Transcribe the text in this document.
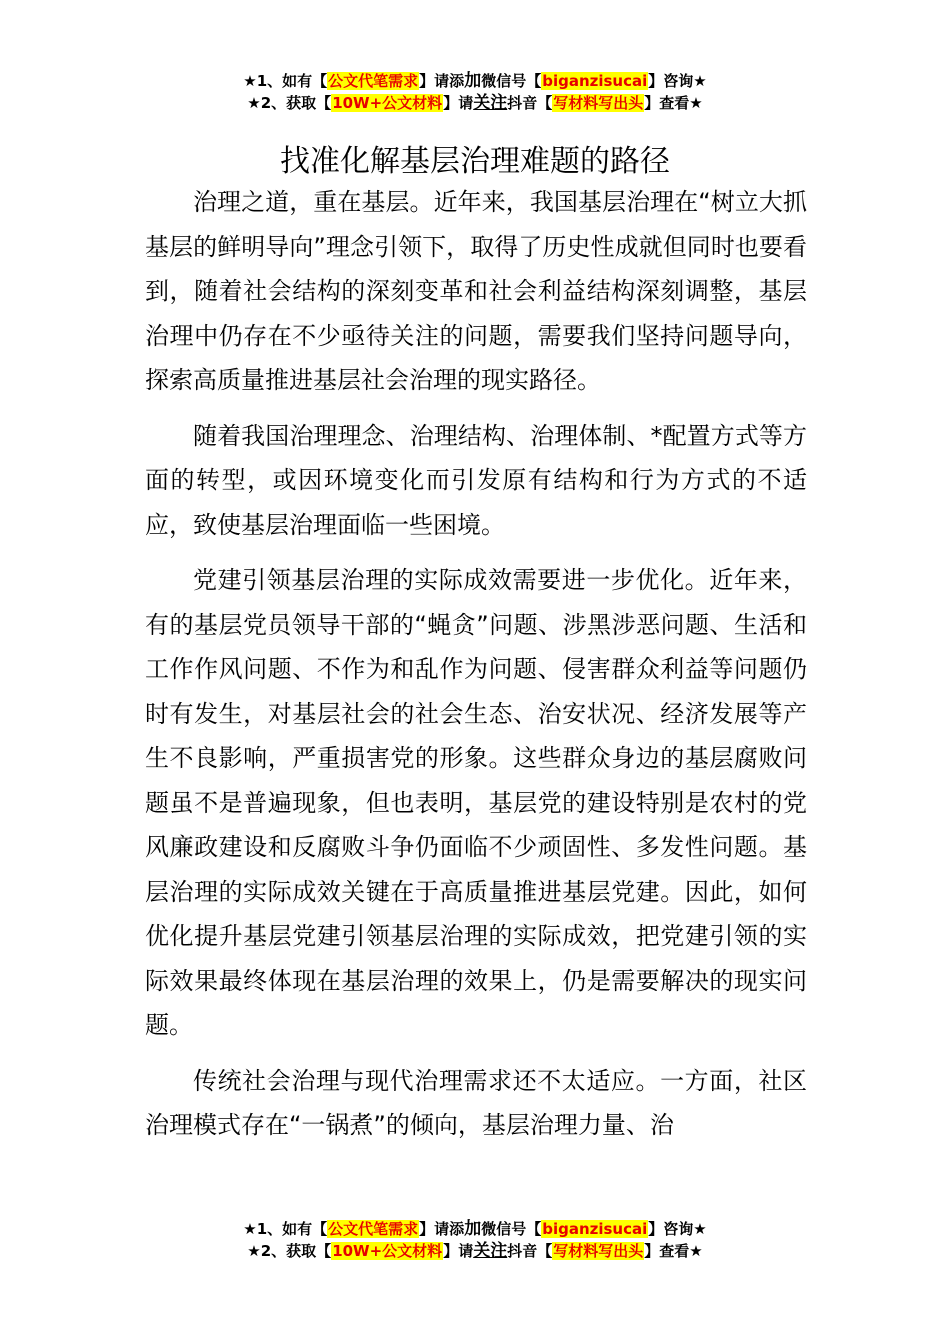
★1、如有【公文代笔需求】请添加微信号【biganzisucai】咨询★
★2、获取【10W+公文材料】请关注抖音【写材料写出头】查看★
找准化解基层治理难题的路径

治理之道，重在基层。近年来，我国基层治理在“树立大抓基层的鲜明导向”理念引领下，取得了历史性成就但同时也要看到，随着社会结构的深刻变革和社会利益结构深刻调整，基层治理中仍存在不少亟待关注的问题，需要我们坚持问题导向，探索高质量推进基层社会治理的现实路径。

随着我国治理理念、治理结构、治理体制、*配置方式等方面的转型，或因环境变化而引发原有结构和行为方式的不适应，致使基层治理面临一些困境。

党建引领基层治理的实际成效需要进一步优化。近年来，有的基层党员领导干部的“蝇贪”问题、涉黑涉恶问题、生活和工作作风问题、不作为和乱作为问题、侵害群众利益等问题仍时有发生，对基层社会的社会生态、治安状况、经济发展等产生不良影响，严重损害党的形象。这些群众身边的基层腐败问题虽不是普遍现象，但也表明，基层党的建设特别是农村的党风廉政建设和反腐败斗争仍面临不少顽固性、多发性问题。基层治理的实际成效关键在于高质量推进基层党建。因此，如何优化提升基层党建引领基层治理的实际成效，把党建引领的实际效果最终体现在基层治理的效果上，仍是需要解决的现实问题。

传统社会治理与现代治理需求还不太适应。一方面，社区治理模式存在“一锅煮”的倾向，基层治理力量、治

★1、如有【公文代笔需求】请添加微信号【biganzisucai】咨询★
★2、获取【10W+公文材料】请关注抖音【写材料写出头】查看★
